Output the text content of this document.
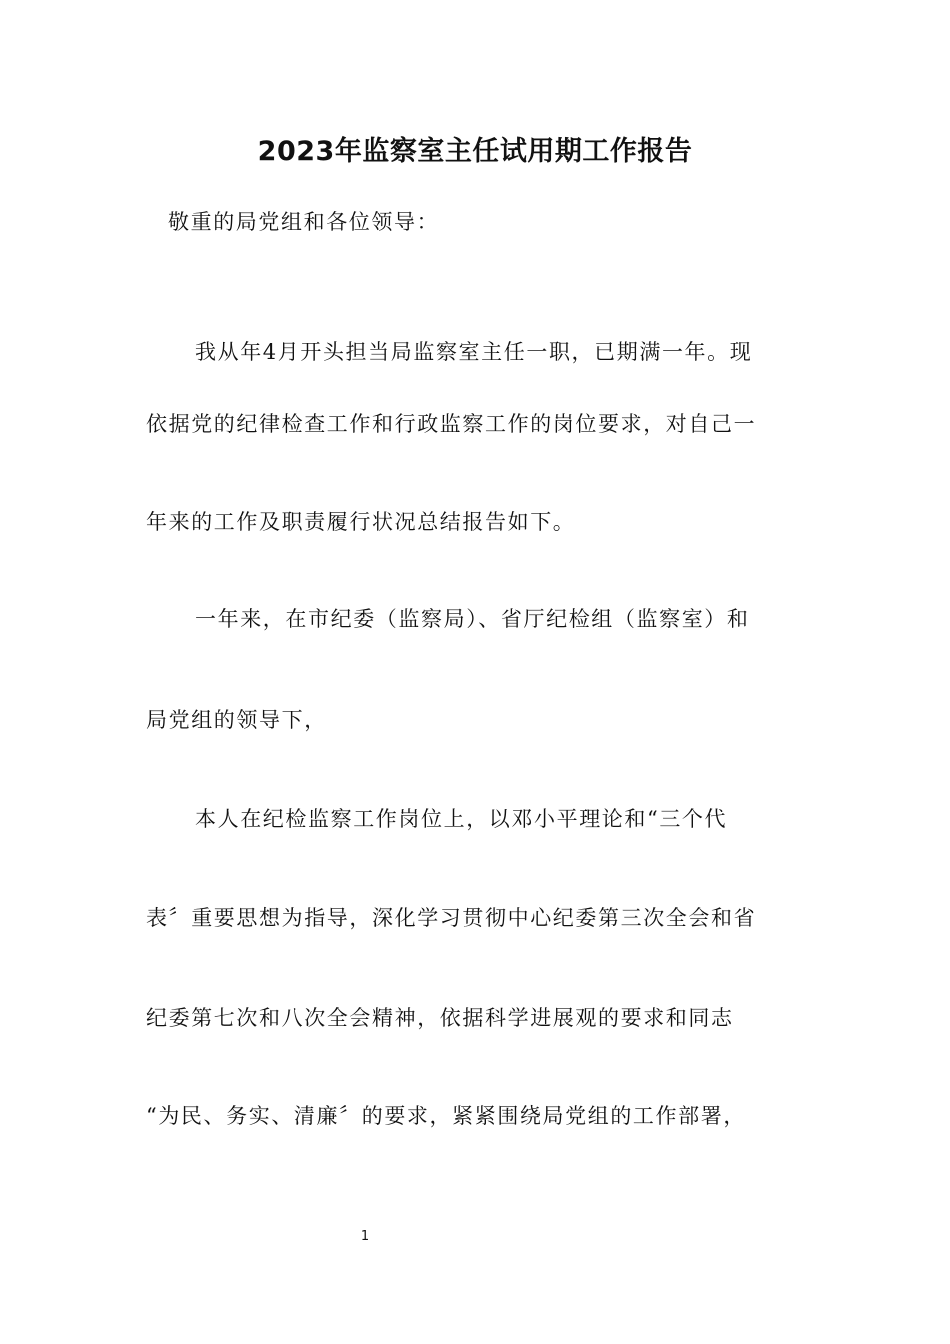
2023年监察室主任试用期工作报告

敬重的局党组和各位领导：

我从年4月开头担当局监察室主任一职，已期满一年。现

依据党的纪律检查工作和行政监察工作的岗位要求，对自己一

年来的工作及职责履行状况总结报告如下。

一年来，在市纪委（监察局）、省厅纪检组（监察室）和

局党组的领导下，

本人在纪检监察工作岗位上，以邓小平理论和“三个代

表〞重要思想为指导，深化学习贯彻中心纪委第三次全会和省

纪委第七次和八次全会精神，依据科学进展观的要求和同志

“为民、务实、清廉〞的要求，紧紧围绕局党组的工作部署，

1
